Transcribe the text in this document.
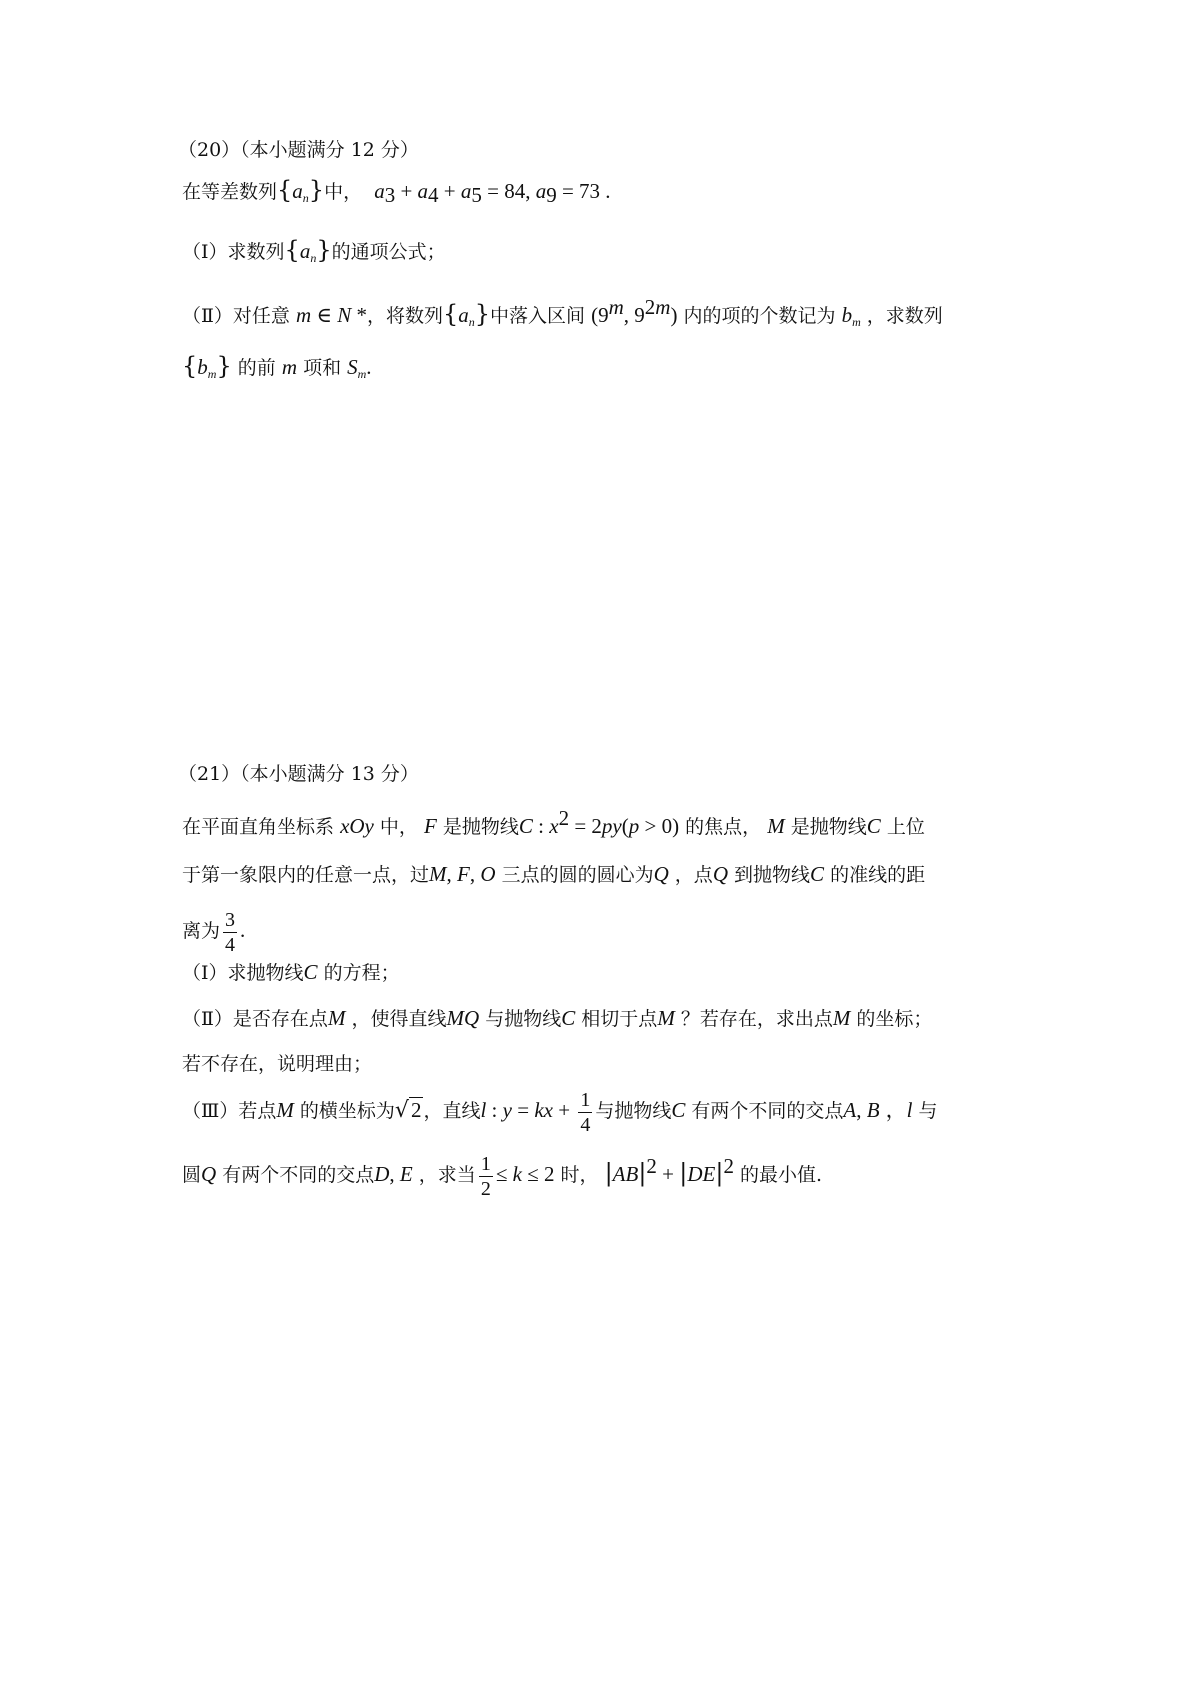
（20）（本小题满分 12 分）
在等差数列$\{a_n\}$中， $a_3 + a_4 + a_5 = 84$, $a_9 = 73$ .
（Ⅰ）求数列$\{a_n\}$的通项公式；
（Ⅱ）对任意 m ∈ N *，将数列$\{a_n\}$中落入区间 (9$^m$, $9^{2m}$) 内的项的个数记为 $b_m$ ，求数列
$\{b_m\}$ 的前 m 项和 $S_m$.
（21）（本小题满分 13 分）
在平面直角坐标系 xOy 中， F 是抛物线C : $x^2 = 2py(p > 0)$ 的焦点， M 是抛物线C 上位
于第一象限内的任意一点，过M, F, O 三点的圆的圆心为Q ，点Q 到抛物线C 的准线的距
离为 $\frac{3}{4}$ .
（Ⅰ）求抛物线C 的方程；
（Ⅱ）是否存在点M ，使得直线MQ 与抛物线C 相切于点M ？若存在，求出点M 的坐标；
若不存在，说明理由；
（Ⅲ）若点M 的横坐标为√2 ，直线l : y = kx + $\frac{1}{4}$ 与抛物线C 有两个不同的交点A, B ，l 与
圆Q 有两个不同的交点D, E ，求当 $\frac{1}{2} \le k \le 2$ 时， $|AB|^2 + |DE|^2$ 的最小值.
